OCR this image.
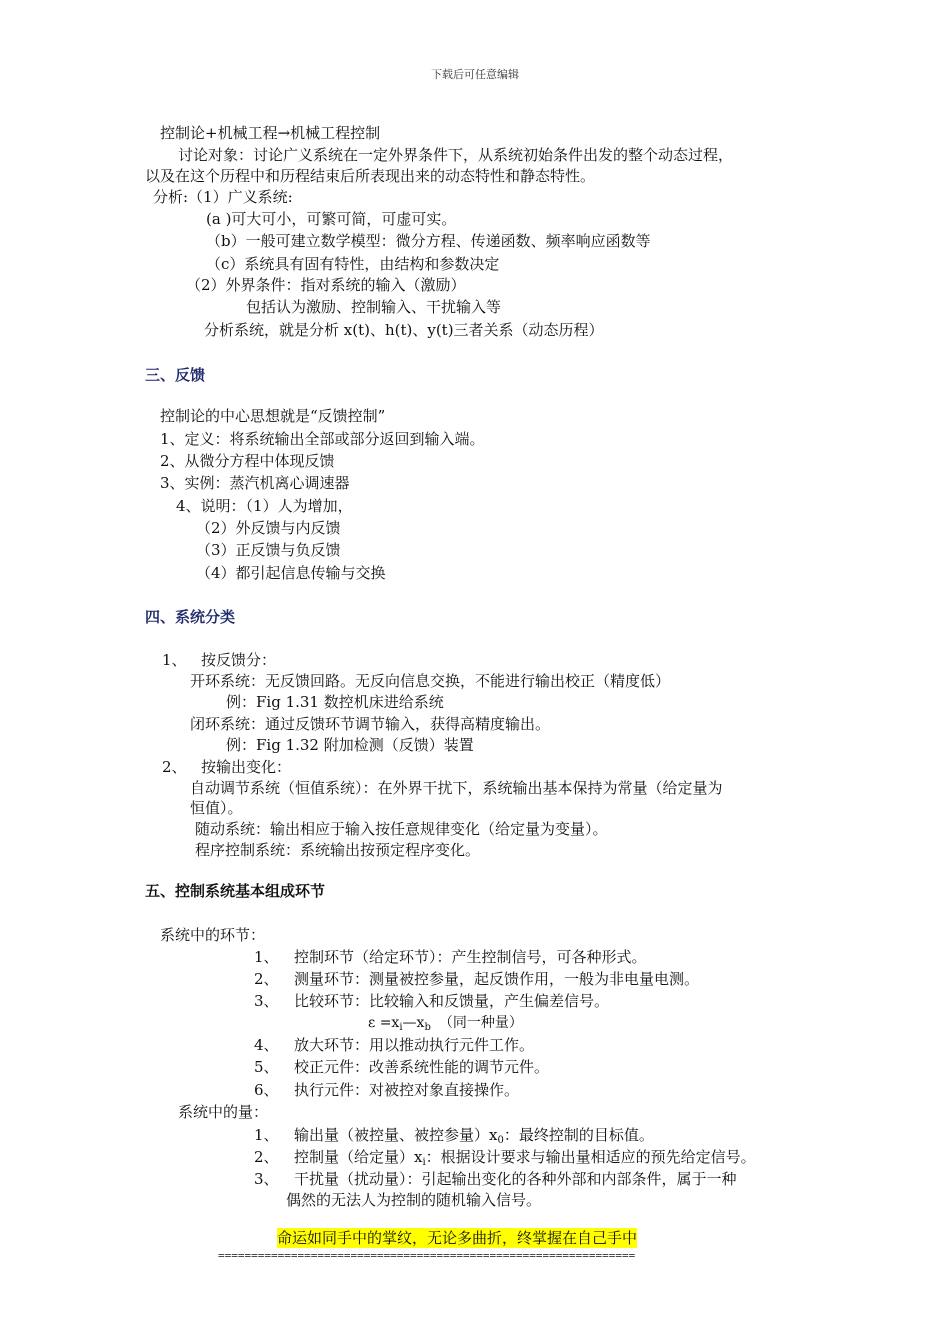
下载后可任意编辑
控制论+机械工程→机械工程控制
讨论对象：讨论广义系统在一定外界条件下，从系统初始条件出发的整个动态过程，
以及在这个历程中和历程结束后所表现出来的动态特性和静态特性。
分析:（1）广义系统:
(a )可大可小，可繁可简，可虚可实。
（b）一般可建立数学模型：微分方程、传递函数、频率响应函数等
（c）系统具有固有特性，由结构和参数决定
（2）外界条件：指对系统的输入（激励）
包括认为激励、控制输入、干扰输入等
分析系统，就是分析 x(t)、h(t)、y(t)三者关系（动态历程）
三、反馈
控制论的中心思想就是“反馈控制”
1、定义：将系统输出全部或部分返回到输入端。
2、从微分方程中体现反馈
3、实例：蒸汽机离心调速器
4、说明：（1）人为增加，
（2）外反馈与内反馈
（3）正反馈与负反馈
（4）都引起信息传输与交换
四、系统分类
1、 按反馈分：
开环系统：无反馈回路。无反向信息交换，不能进行输出校正（精度低）
例：Fig 1.31 数控机床进给系统
闭环系统：通过反馈环节调节输入，获得高精度输出。
例：Fig 1.32 附加检测（反馈）装置
2、 按输出变化：
自动调节系统（恒值系统）：在外界干扰下，系统输出基本保持为常量（给定量为
恒值）。
随动系统：输出相应于输入按任意规律变化（给定量为变量）。
程序控制系统：系统输出按预定程序变化。
五、控制系统基本组成环节
系统中的环节：
1、 控制环节（给定环节）：产生控制信号，可各种形式。
2、 测量环节：测量被控参量，起反馈作用，一般为非电量电测。
3、 比较环节：比较输入和反馈量，产生偏差信号。
$\varepsilon =x_i—x_b$ （同一种量）
4、 放大环节：用以推动执行元件工作。
5、 校正元件：改善系统性能的调节元件。
6、 执行元件：对被控对象直接操作。
系统中的量：
1、 输出量（被控量、被控参量）$x_0$：最终控制的目标值。
2、 控制量（给定量）$x_i$：根据设计要求与输出量相适应的预先给定信号。
3、 干扰量（扰动量）：引起输出变化的各种外部和内部条件，属于一种
偶然的无法人为控制的随机输入信号。
命运如同手中的掌纹，无论多曲折，终掌握在自己手中
===============================================================
